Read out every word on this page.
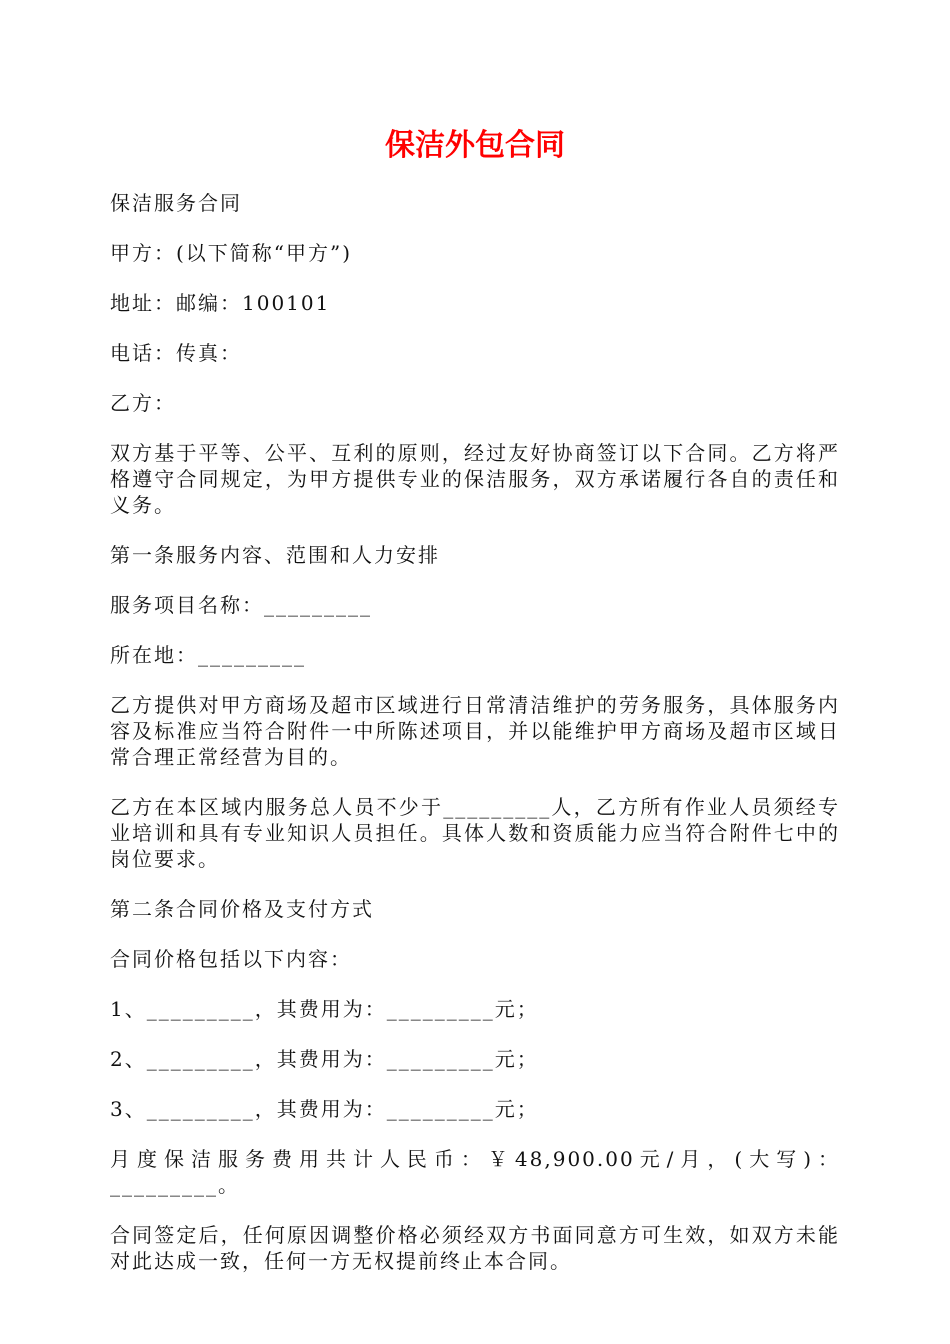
保洁外包合同

保洁服务合同

甲方：(以下简称“甲方”)

地址：邮编：100101

电话：传真：

乙方：

双方基于平等、公平、互利的原则，经过友好协商签订以下合同。乙方将严格遵守合同规定，为甲方提供专业的保洁服务，双方承诺履行各自的责任和义务。

第一条服务内容、范围和人力安排

服务项目名称：_________

所在地：_________

乙方提供对甲方商场及超市区域进行日常清洁维护的劳务服务，具体服务内容及标准应当符合附件一中所陈述项目，并以能维护甲方商场及超市区域日常合理正常经营为目的。

乙方在本区域内服务总人员不少于_________人，乙方所有作业人员须经专业培训和具有专业知识人员担任。具体人数和资质能力应当符合附件七中的岗位要求。

第二条合同价格及支付方式

合同价格包括以下内容：

1、_________，其费用为：_________元；

2、_________，其费用为：_________元；

3、_________，其费用为：_________元；

月度保洁服务费用共计人民币：￥48,900.00元/月，(大写)：_________。

合同签定后，任何原因调整价格必须经双方书面同意方可生效，如双方未能对此达成一致，任何一方无权提前终止本合同。
